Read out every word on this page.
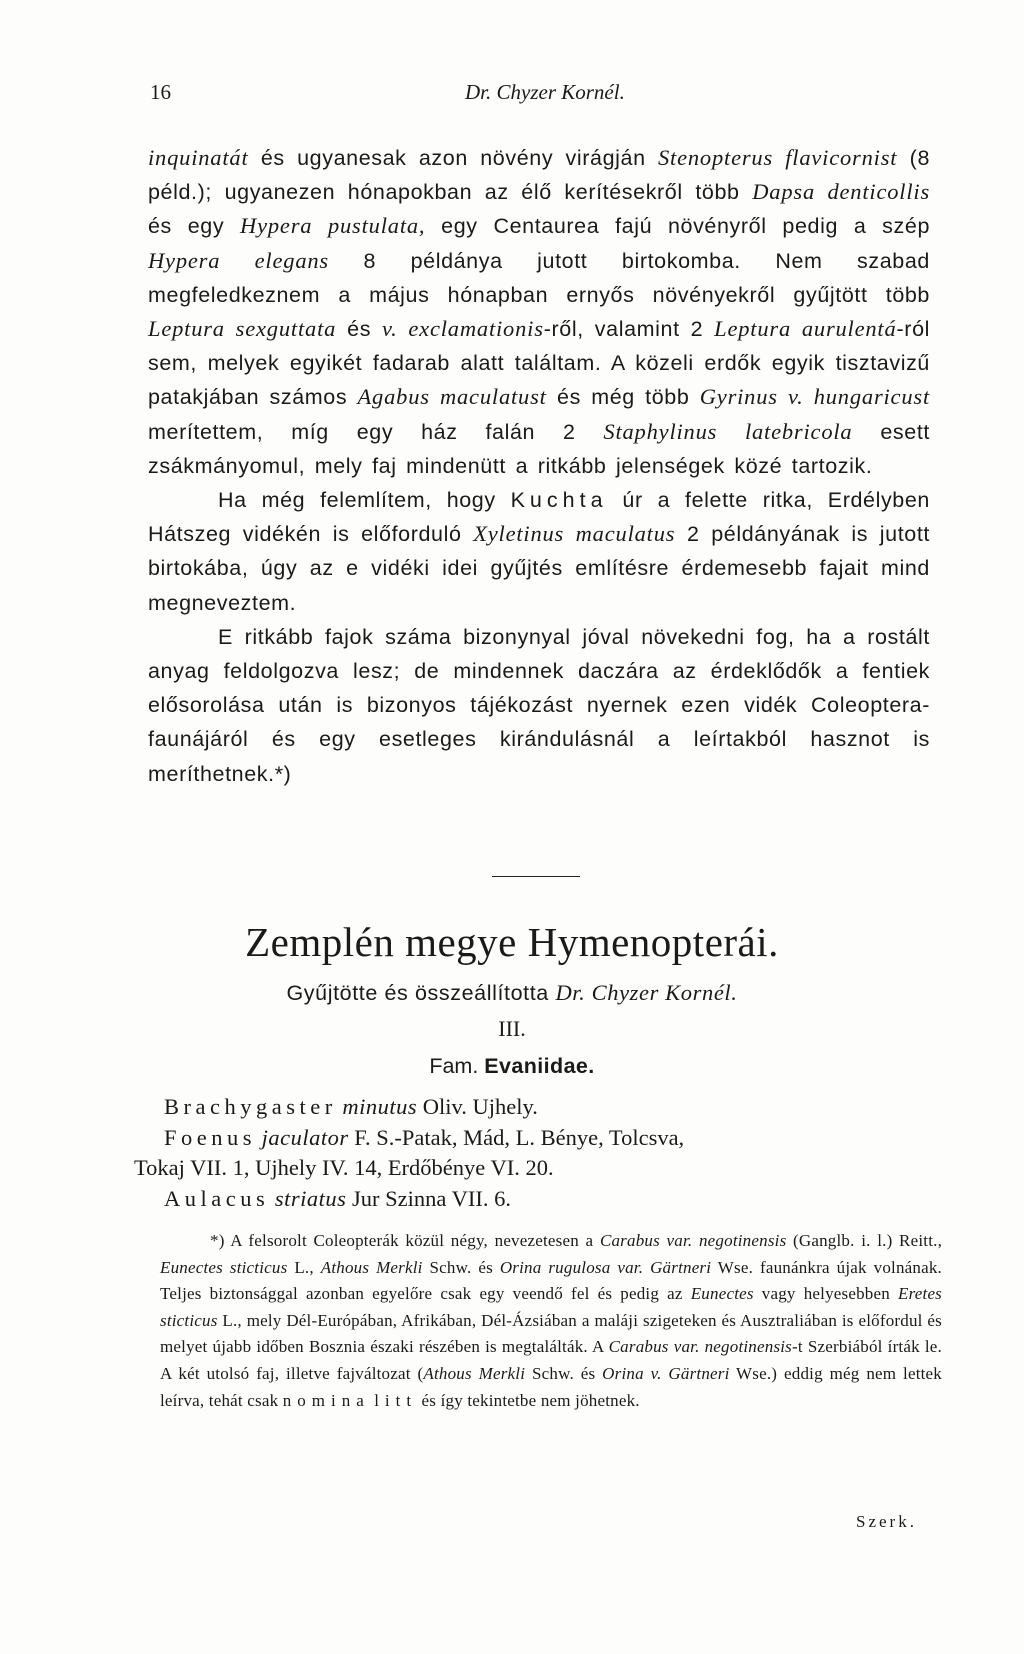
16	Dr. Chyzer Kornél.

inquinatát és ugyanesak azon növény virágján Stenopterus flavicornist (8 péld.); ugyanezen hónapokban az élő kerítésekről több Dapsa denticollis és egy Hypera pustulata, egy Centaurea fajú növényről pedig a szép Hypera elegans 8 példánya jutott birtokomba. Nem szabad megfeledkeznem a május hónapban ernyős növényekről gyűjtött több Leptura sexguttata és v. exclamationis-ről, valamint 2 Leptura aurulentá-ról sem, melyek egyikét fadarab alatt találtam. A közeli erdők egyik tisztavizű patakjában számos Agabus maculatust és még több Gyrinus v. hungaricust merítettem, míg egy ház falán 2 Staphylinus latebricola esett zsákmányomul, mely faj mindenütt a ritkább jelenségek közé tartozik.

Ha még felemlítem, hogy Kuchta úr a felette ritka, Erdélyben Hátszeg vidékén is előforduló Xyletinus maculatus 2 példányának is jutott birtokába, úgy az e vidéki idei gyűjtés említésre érdemesebb fajait mind megneveztem.

E ritkább fajok száma bizonynyal jóval növekedni fog, ha a rostált anyag feldolgozva lesz; de mindennek daczára az érdeklődők a fentiek elősorolása után is bizonyos tájékozást nyernek ezen vidék Coleoptera-faunájáról és egy esetleges kirándulásnál a leírtakból hasznot is meríthetnek.*)

Zemplén megye Hymenopterái.
Gyűjtötte és összeállította Dr. Chyzer Kornél.
III.
Fam. Evaniidae.
Brachygaster minutus Oliv. Ujhely.
Foenus jaculator F. S.-Patak, Mád, L. Bénye, Tolcsva,
Tokaj VII. 1, Ujhely IV. 14, Erdőbénye VI. 20.
Aulacus striatus Jur Szinna VII. 6.

*) A felsorolt Coleopterák közül négy, nevezetesen a Carabus var. negotinensis (Ganglb. i. l.) Reitt., Eunectes sticticus L., Athous Merkli Schw. és Orina rugulosa var. Gärtneri Wse. faunánkra újak volnának. Teljes biztonsággal azonban egyelőre csak egy veendő fel és pedig az Eunectes vagy helyesebben Eretes sticticus L., mely Dél-Európában, Afrikában, Dél-Ázsiában a maláji szigeteken és Ausztraliában is előfordul és melyet újabb időben Bosznia északi részében is megtalálták. A Carabus var. negotinensis-t Szerbiából írták le. A két utolsó faj, illetve fajváltozat (Athous Merkli Schw. és Orina v. Gärtneri Wse.) eddig még nem lettek leírva, tehát csak nomina litt és így tekintetbe nem jöhetnek.

Szerk.
